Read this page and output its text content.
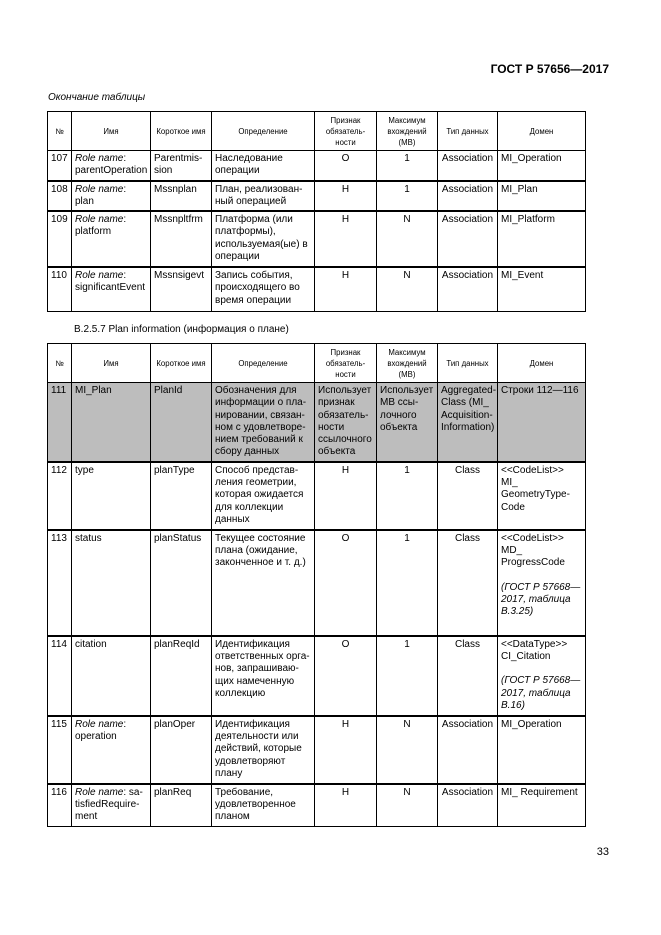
ГОСТ Р 57656—2017
Окончание таблицы
№	Имя	Короткое имя	Определение	Признак обязательности	Максимум вхождений (МВ)	Тип данных	Домен
107	Role name: parentOperation	Parentmission	Наследование операции	О	1	Association	MI_Operation
108	Role name: plan	Mssnplan	План, реализованный операцией	Н	1	Association	MI_Plan
109	Role name: platform	Mssnpltfrm	Платформа (или платформы), используемая(ые) в операции	Н	N	Association	MI_Platform
110	Role name: significantEvent	Mssnsigevt	Запись события, происходящего во время операции	Н	N	Association	MI_Event
B.2.5.7 Plan information (информация о плане)
№	Имя	Короткое имя	Определение	Признак обязательности	Максимум вхождений (МВ)	Тип данных	Домен
111	MI_Plan	PlanId	Обозначения для информации о планировании, связанном с удовлетворением требований к сбору данных	Использует признак обязательности ссылочного объекта	Использует МВ ссылочного объекта	AggregatedClass (MI_ AcquisitionInformation)	Строки 112—116
112	type	planType	Способ представления геометрии, которая ожидается для коллекции данных	Н	1	Class	<<CodeList>> MI_ GeometryTypeCode
113	status	planStatus	Текущее состояние плана (ожидание, законченное и т. д.)	О	1	Class	<<CodeList>> MD_ ProgressCode
(ГОСТ Р 57668—2017, таблица В.3.25)

114	citation	planReqId	Идентификация ответственных органов, запрашивающих намеченную коллекцию	О	1	Class	<<DataType>> CI_Citation
(ГОСТ Р 57668—2017, таблица В.16)

115	Role name: operation	planOper	Идентификация деятельности или действий, которые удовлетворяют плану	Н	N	Association	MI_Operation
116	Role name: satisfiedRequirement	planReq	Требование, удовлетворенное планом	Н	N	Association	MI_ Requirement
33
